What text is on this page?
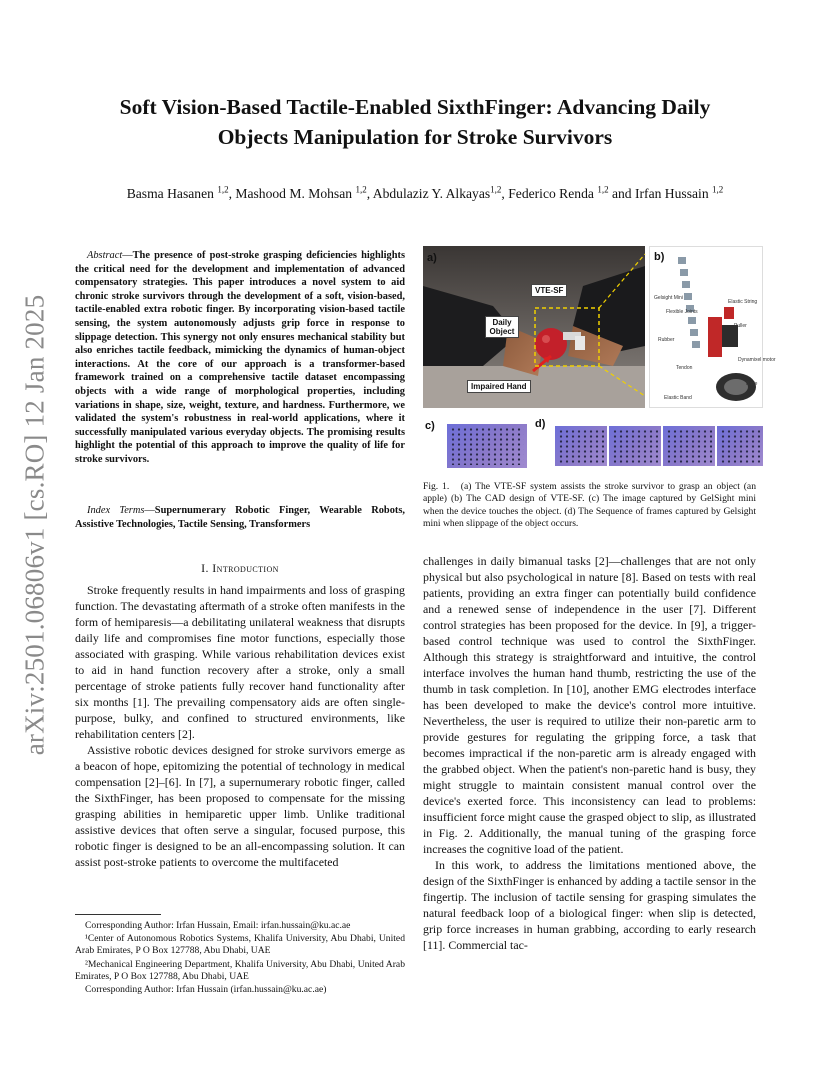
arXiv:2501.06806v1 [cs.RO] 12 Jan 2025
Soft Vision-Based Tactile-Enabled SixthFinger: Advancing Daily Objects Manipulation for Stroke Survivors
Basma Hasanen $^{1,2}$, Mashood M. Mohsan $^{1,2}$, Abdulaziz Y. Alkayas$^{1,2}$, Federico Renda $^{1,2}$ and Irfan Hussain $^{1,2}$

Abstract—The presence of post-stroke grasping deficiencies highlights the critical need for the development and implementation of advanced compensatory strategies. This paper introduces a novel system to aid chronic stroke survivors through the development of a soft, vision-based, tactile-enabled extra robotic finger. By incorporating vision-based tactile sensing, the system autonomously adjusts grip force in response to slippage detection. This synergy not only ensures mechanical stability but also enriches tactile feedback, mimicking the dynamics of human-object interactions. At the core of our approach is a transformer-based framework trained on a comprehensive tactile dataset encompassing objects with a wide range of morphological properties, including variations in shape, size, weight, texture, and hardness. Furthermore, we validated the system's robustness in real-world applications, where it successfully manipulated various everyday objects. The promising results highlight the potential of this approach to improve the quality of life for stroke survivors.

Index Terms—Supernumerary Robotic Finger, Wearable Robots, Assistive Technologies, Tactile Sensing, Transformers

I. Introduction

Stroke frequently results in hand impairments and loss of grasping function. The devastating aftermath of a stroke often manifests in the form of hemiparesis—a debilitating unilateral weakness that disrupts daily life and compromises fine motor functions, especially those associated with grasping. While various rehabilitation devices exist to aid in hand function recovery after a stroke, only a small percentage of stroke patients fully recover hand functionality after six months [1]. The prevailing compensatory aids are often single-purpose, bulky, and confined to structured environments, like rehabilitation centers [2].

Assistive robotic devices designed for stroke survivors emerge as a beacon of hope, epitomizing the potential of technology in medical compensation [2]–[6]. In [7], a supernumerary robotic finger, called the SixthFinger, has been proposed to compensate for the missing grasping abilities in hemiparetic upper limb. Unlike traditional assistive devices that often serve a singular, focused purpose, this robotic finger is designed to be an all-encompassing solution. It can assist post-stroke patients to overcome the multifaceted

Corresponding Author: Irfan Hussain, Email: irfan.hussain@ku.ac.ae

¹Center of Autonomous Robotics Systems, Khalifa University, Abu Dhabi, United Arab Emirates, P O Box 127788, Abu Dhabi, UAE

²Mechanical Engineering Department, Khalifa University, Abu Dhabi, United Arab Emirates, P O Box 127788, Abu Dhabi, UAE

Corresponding Author: Irfan Hussain (irfan.hussain@ku.ac.ae)

a)
VTE-SF
Daily Object
Impaired Hand
b)
Gelsight Mini
Flexible Joints
Rubber
Tendon
Elastic Band
Elastic String
Puller
Dynamixel motor
Base
c)	d)
Fig. 1. (a) The VTE-SF system assists the stroke survivor to grasp an object (an apple) (b) The CAD design of VTE-SF. (c) The image captured by GelSight mini when the device touches the object. (d) The Sequence of frames captured by Gelsight mini when slippage of the object occurs.

challenges in daily bimanual tasks [2]—challenges that are not only physical but also psychological in nature [8]. Based on tests with real patients, providing an extra finger can potentially build confidence and a renewed sense of independence in the user [7]. Different control strategies has been proposed for the device. In [9], a trigger-based control technique was used to control the SixthFinger. Although this strategy is straightforward and intuitive, the control interface involves the human hand thumb, restricting the use of the thumb in task completion. In [10], another EMG electrodes interface has been developed to make the device's control more intuitive. Nevertheless, the user is required to utilize their non-paretic arm to provide gestures for regulating the gripping force, a task that becomes impractical if the non-paretic arm is already engaged with the grabbed object. When the patient's non-paretic hand is busy, they might struggle to maintain consistent manual control over the device's exerted force. This inconsistency can lead to problems: insufficient force might cause the grasped object to slip, as illustrated in Fig. 2. Additionally, the manual tuning of the grasping force increases the cognitive load of the patient.

In this work, to address the limitations mentioned above, the design of the SixthFinger is enhanced by adding a tactile sensor in the fingertip. The inclusion of tactile sensing for grasping simulates the natural feedback loop of a biological finger: when slip is detected, grip force increases in human grabbing, according to early research [11]. Commercial tac-
